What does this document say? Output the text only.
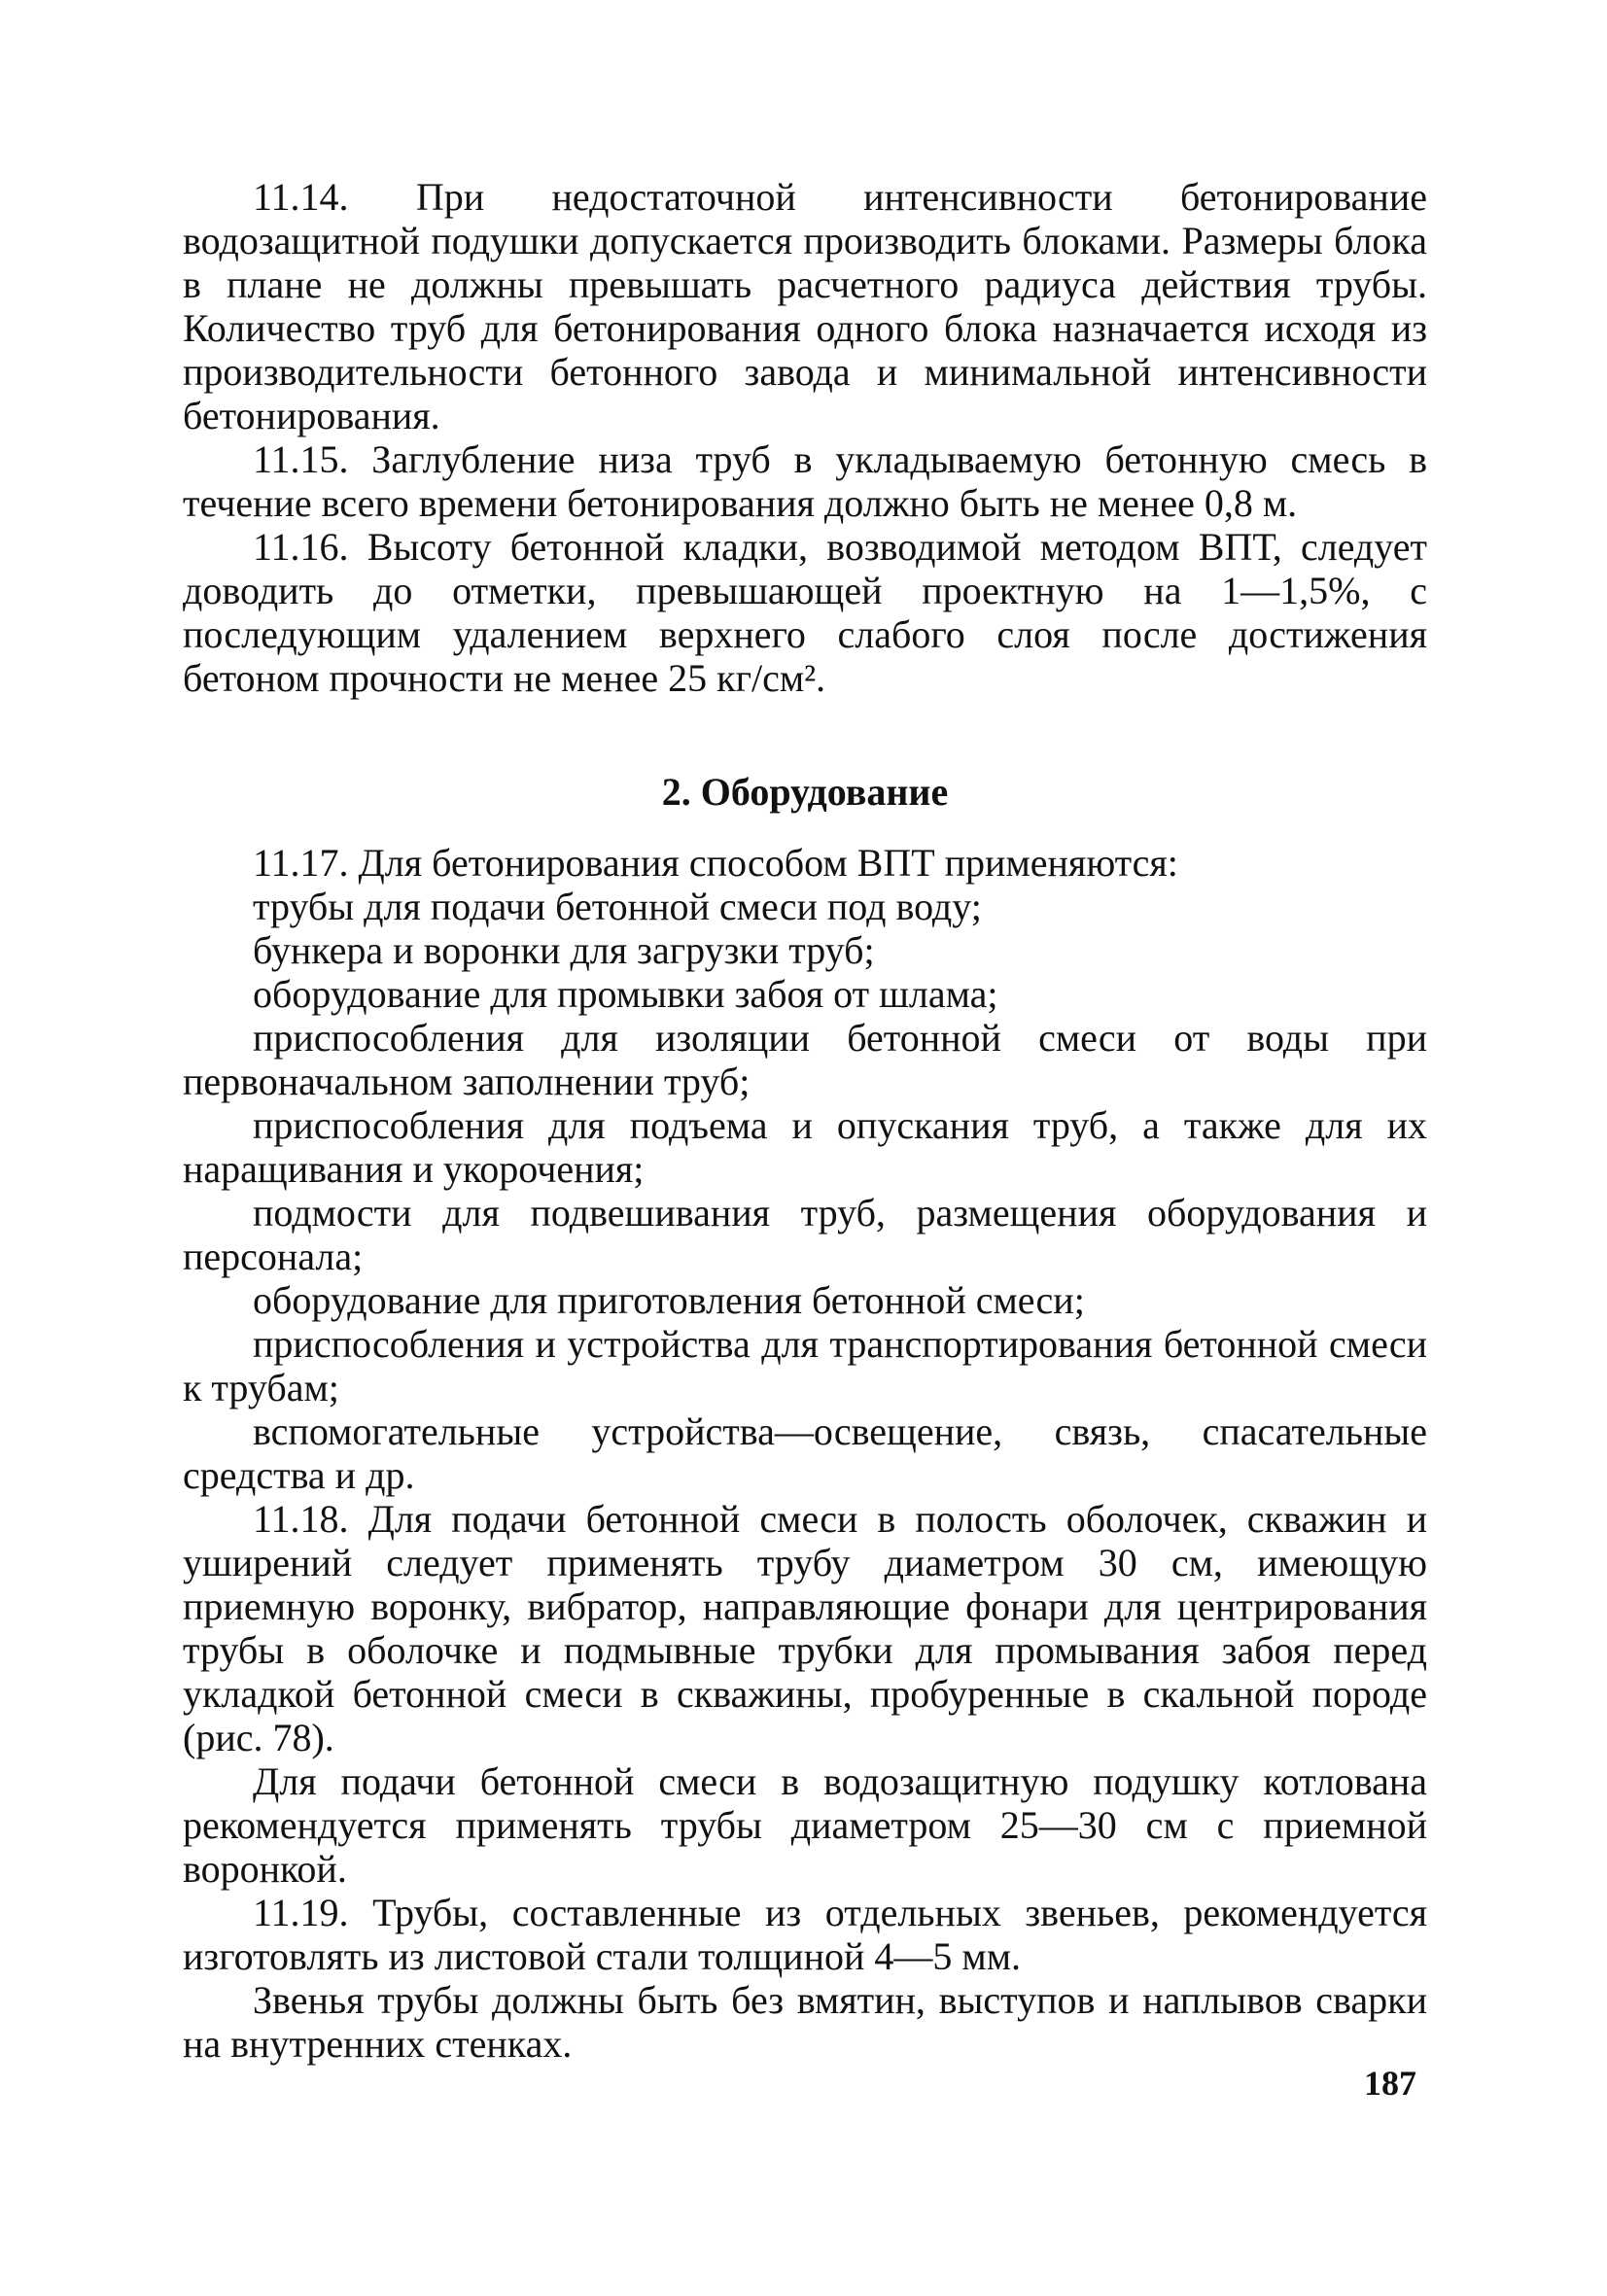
11.14. При недостаточной интенсивности бетонирование водозащитной подушки допускается производить блоками. Размеры блока в плане не должны превышать расчетного радиуса действия трубы. Количество труб для бетонирования одного блока назначается исходя из производительности бетонного завода и минимальной интенсивности бетонирования.

11.15. Заглубление низа труб в укладываемую бетонную смесь в течение всего времени бетонирования должно быть не менее 0,8 м.

11.16. Высоту бетонной кладки, возводимой методом ВПТ, следует доводить до отметки, превышающей проектную на 1—1,5%, с последующим удалением верхнего слабого слоя после достижения бетоном прочности не менее 25 кг/см².

2. Оборудование

11.17. Для бетонирования способом ВПТ применяются:

трубы для подачи бетонной смеси под воду;

бункера и воронки для загрузки труб;

оборудование для промывки забоя от шлама;

приспособления для изоляции бетонной смеси от воды при первоначальном заполнении труб;

приспособления для подъема и опускания труб, а также для их наращивания и укорочения;

подмости для подвешивания труб, размещения оборудования и персонала;

оборудование для приготовления бетонной смеси;

приспособления и устройства для транспортирования бетонной смеси к трубам;

вспомогательные устройства—освещение, связь, спасательные средства и др.

11.18. Для подачи бетонной смеси в полость оболочек, скважин и уширений следует применять трубу диаметром 30 см, имеющую приемную воронку, вибратор, направляющие фонари для центрирования трубы в оболочке и подмывные трубки для промывания забоя перед укладкой бетонной смеси в скважины, пробуренные в скальной породе (рис. 78).

Для подачи бетонной смеси в водозащитную подушку котлована рекомендуется применять трубы диаметром 25—30 см с приемной воронкой.

11.19. Трубы, составленные из отдельных звеньев, рекомендуется изготовлять из листовой стали толщиной 4—5 мм.

Звенья трубы должны быть без вмятин, выступов и наплывов сварки на внутренних стенках.

187
